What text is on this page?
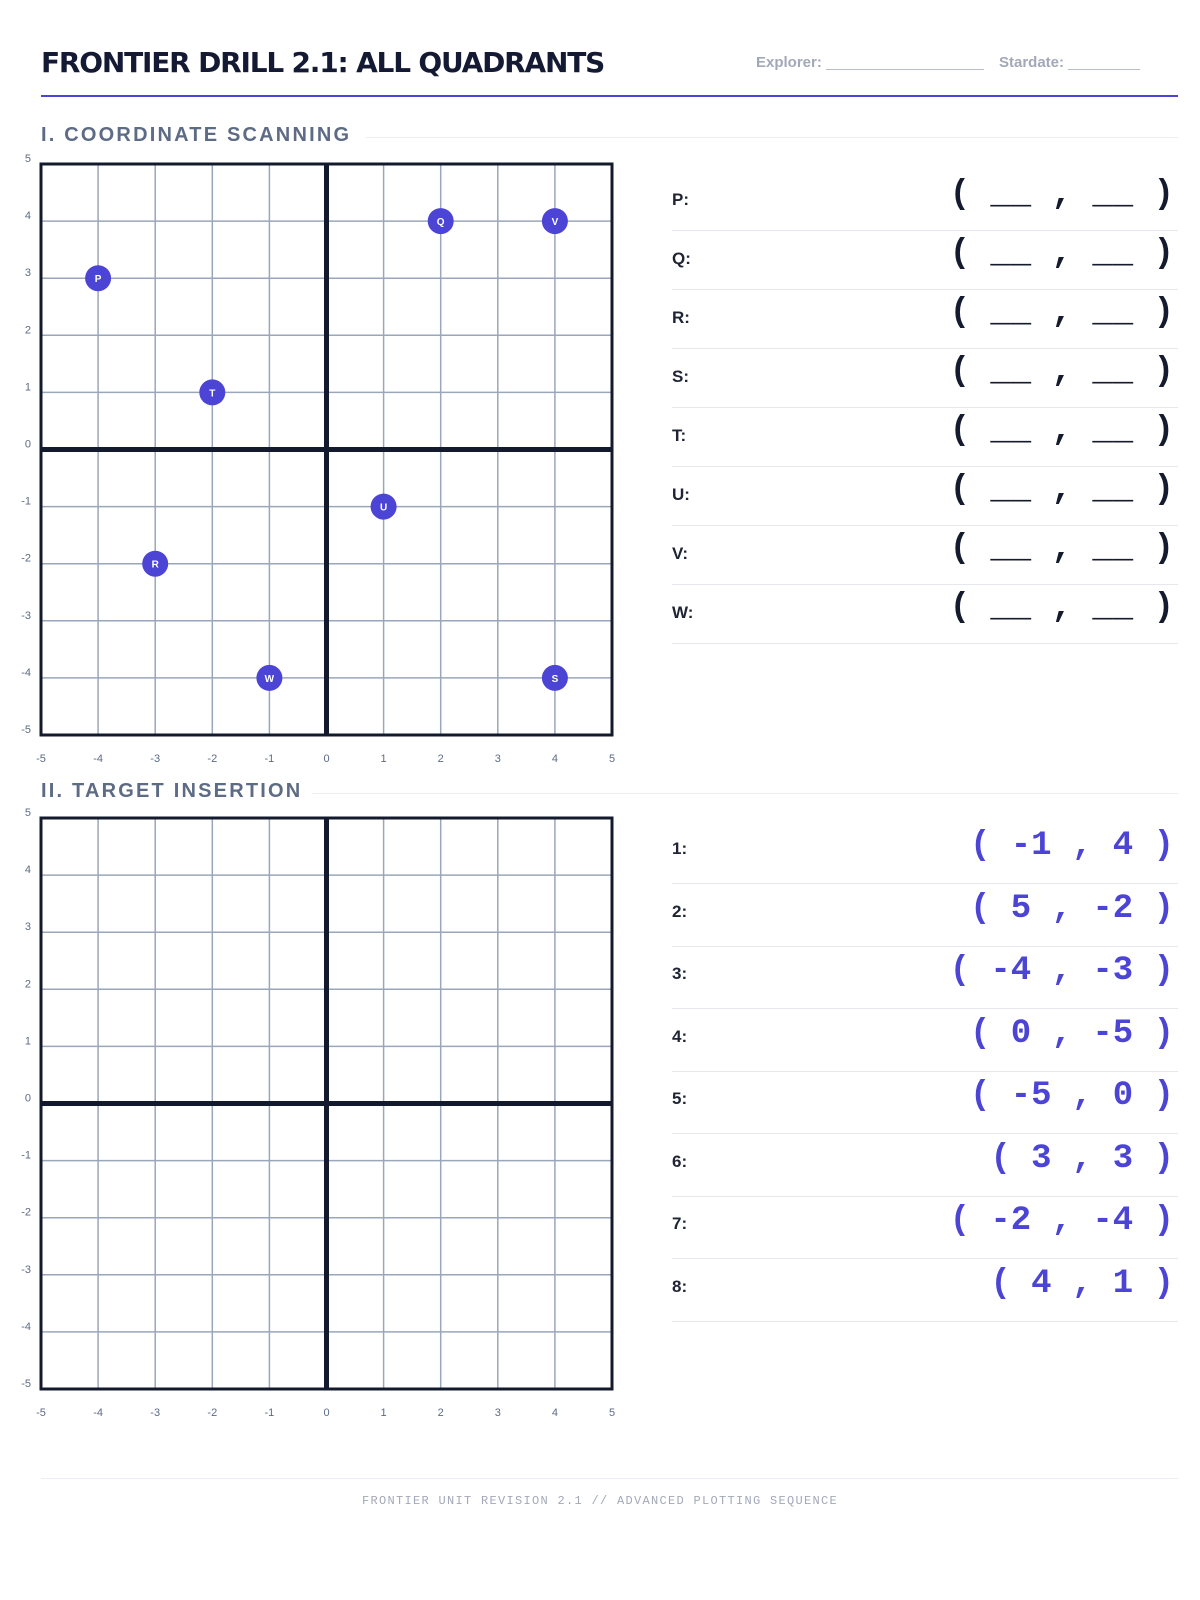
FRONTIER DRILL 2.1: ALL QUADRANTS	Explorer:	Stardate:
I. COORDINATE SCANNING
-5	-4	-3	-2	-1	0	1	2	3	4	5
5
4
3
2
1
0
-1
-2
-3
-4
-5
P
Q
R
S
T
U
V
W
P:	( __ , __ )
Q:	( __ , __ )
R:	( __ , __ )
S:	( __ , __ )
T:	( __ , __ )
U:	( __ , __ )
V:	( __ , __ )
W:	( __ , __ )
II. TARGET INSERTION
-5	-4	-3	-2	-1	0	1	2	3	4	5
5
4
3
2
1
0
-1
-2
-3
-4
-5
1:	( -1 , 4 )
2:	( 5 , -2 )
3:	( -4 , -3 )
4:	( 0 , -5 )
5:	( -5 , 0 )
6:	( 3 , 3 )
7:	( -2 , -4 )
8:	( 4 , 1 )
FRONTIER UNIT REVISION 2.1 // ADVANCED PLOTTING SEQUENCE
